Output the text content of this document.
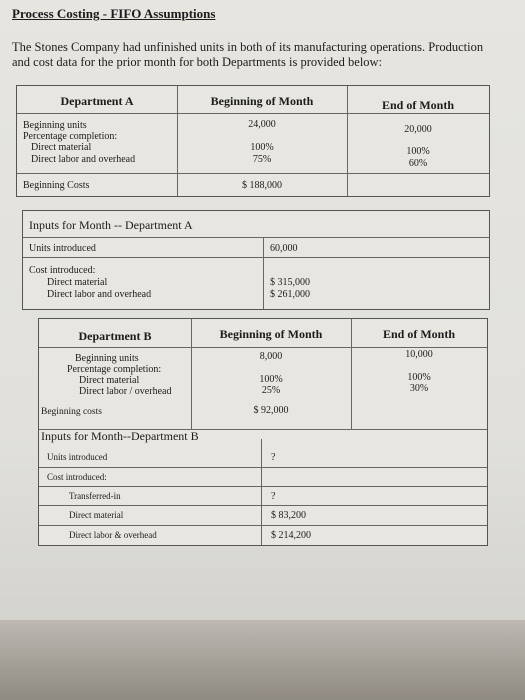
Process Costing - FIFO Assumptions
The Stones Company had unfinished units in both of its manufacturing operations. Production and cost data for the prior month for both Departments is provided below:
Department A	Beginning of Month	End of Month
Beginning units	24,000	20,000
Percentage completion:
Direct material	100%	100%
Direct labor and overhead	75%	60%
Beginning Costs	$ 188,000
Inputs for Month -- Department A
Units introduced	60,000
Cost introduced:
Direct material	$ 315,000
Direct labor and overhead	$ 261,000
Department B	Beginning of Month	End of Month
Beginning units	8,000	10,000
Percentage completion:
Direct material	100%	100%
Direct labor / overhead	25%	30%
Beginning costs	$ 92,000
Inputs for Month--Department B
Units introduced	?
Cost introduced:
Transferred-in	?
Direct material	$ 83,200
Direct labor & overhead	$ 214,200
